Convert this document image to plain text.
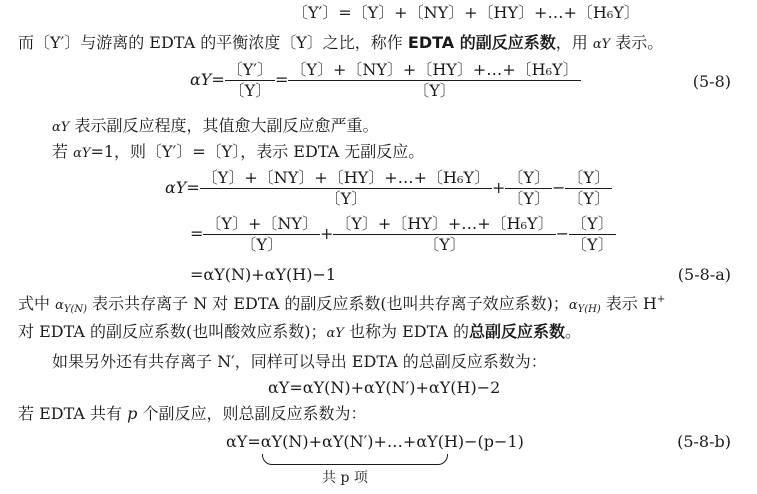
〔Y′〕=〔Y〕+〔NY〕+〔HY〕+…+〔H₆Y〕
而〔Y′〕与游离的 EDTA 的平衡浓度〔Y〕之比，称作 EDTA 的副反应系数，用 αY 表示。
$\alpha Y= \frac{〔Y'〕}{〔Y〕} = \frac{\text{〔Y〕+〔NY〕+〔HY〕+…+〔H₆Y〕}}{〔Y〕}$	(5-8)
αY 表示副反应程度，其值愈大副反应愈严重。
若 αY=1，则〔Y′〕=〔Y〕，表示 EDTA 无副反应。
$\alpha Y= \frac{\text{〔Y〕+〔NY〕+〔HY〕+…+〔H₆Y〕}}{〔Y〕} + \frac{〔Y〕}{〔Y〕} - \frac{〔Y〕}{〔Y〕}$
= $\frac{〔Y〕+〔NY〕}{〔Y〕} + \frac{\text{〔Y〕+〔HY〕+…+〔H₆Y〕}}{〔Y〕} - \frac{〔Y〕}{〔Y〕}$
=αY(N)+αY(H)−1	(5-8-a)
式中 $\alpha_{Y(N)}$ 表示共存离子 N 对 EDTA 的副反应系数(也叫共存离子效应系数)；$\alpha_{Y(H)}$ 表示 H+
对 EDTA 的副反应系数(也叫酸效应系数)；αY 也称为 EDTA 的总副反应系数。
如果另外还有共存离子 N′，同样可以导出 EDTA 的总副反应系数为：
αY=αY(N)+αY(N′)+αY(H)−2
若 EDTA 共有 p 个副反应，则总副反应系数为：
αY=αY(N)+αY(N′)+…+αY(H)−(p−1)	(5-8-b)
共 p 项
